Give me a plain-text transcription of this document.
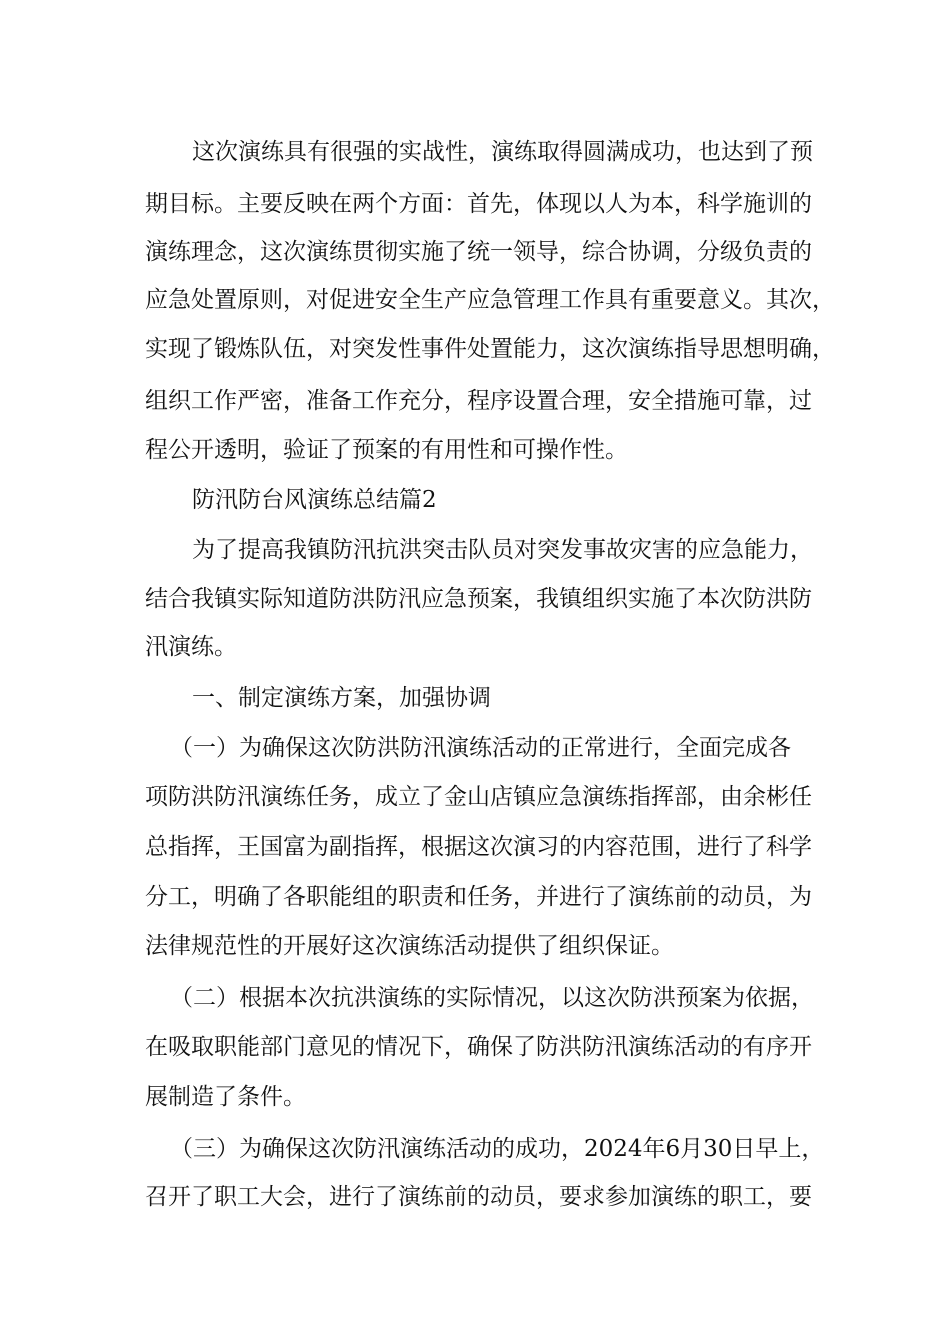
这次演练具有很强的实战性，演练取得圆满成功，也达到了预
期目标。主要反映在两个方面：首先，体现以人为本，科学施训的
演练理念，这次演练贯彻实施了统一领导，综合协调，分级负责的
应急处置原则，对促进安全生产应急管理工作具有重要意义。其次，
实现了锻炼队伍，对突发性事件处置能力，这次演练指导思想明确，
组织工作严密，准备工作充分，程序设置合理，安全措施可靠，过
程公开透明，验证了预案的有用性和可操作性。
防汛防台风演练总结篇2
为了提高我镇防汛抗洪突击队员对突发事故灾害的应急能力，
结合我镇实际知道防洪防汛应急预案，我镇组织实施了本次防洪防
汛演练。
一、制定演练方案，加强协调
（一）为确保这次防洪防汛演练活动的正常进行，全面完成各
项防洪防汛演练任务，成立了金山店镇应急演练指挥部，由余彬任
总指挥，王国富为副指挥，根据这次演习的内容范围，进行了科学
分工，明确了各职能组的职责和任务，并进行了演练前的动员，为
法律规范性的开展好这次演练活动提供了组织保证。
（二）根据本次抗洪演练的实际情况，以这次防洪预案为依据，
在吸取职能部门意见的情况下，确保了防洪防汛演练活动的有序开
展制造了条件。
（三）为确保这次防汛演练活动的成功，2024年6月30日早上，
召开了职工大会，进行了演练前的动员，要求参加演练的职工，要
